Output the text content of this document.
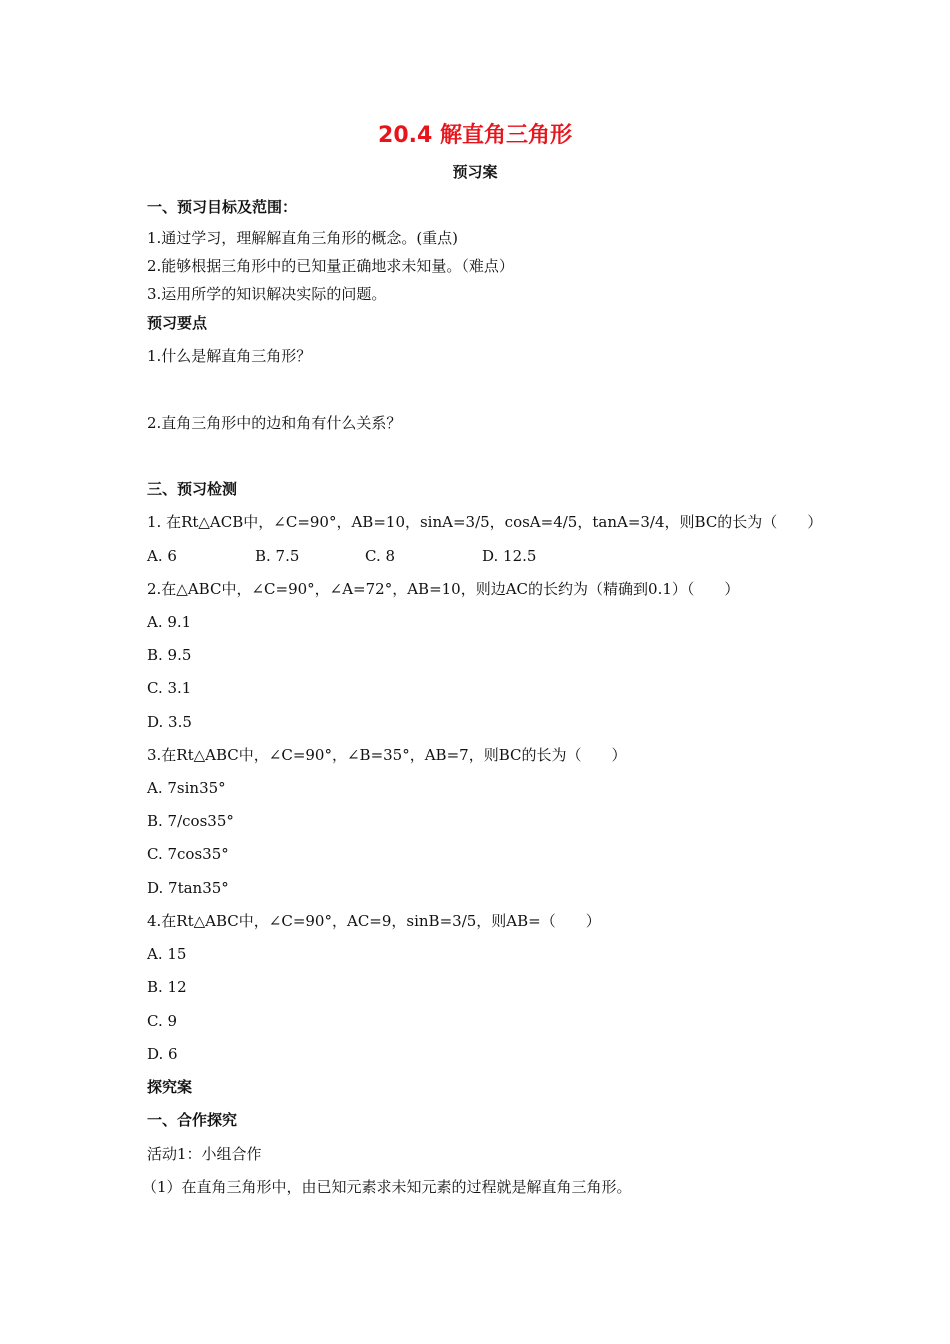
20.4 解直角三角形
预习案
一、预习目标及范围：
1.通过学习，理解解直角三角形的概念。(重点)
2.能够根据三角形中的已知量正确地求未知量。（难点）
3.运用所学的知识解决实际的问题。
预习要点
1.什么是解直角三角形？
2.直角三角形中的边和角有什么关系？
三、预习检测
1. 在Rt△ACB中，∠C=90°，AB=10，sinA=3/5，cosA=4/5，tanA=3/4，则BC的长为（　　）
A. 6	B. 7.5	C. 8	D. 12.5
2.在△ABC中，∠C=90°，∠A=72°，AB=10，则边AC的长约为（精确到0.1）（　　）
A. 9.1
B. 9.5
C. 3.1
D. 3.5
3.在Rt△ABC中，∠C=90°，∠B=35°，AB=7，则BC的长为（　　）
A. 7sin35°
B. 7/cos35°
C. 7cos35°
D. 7tan35°
4.在Rt△ABC中，∠C=90°，AC=9，sinB=3/5，则AB=（　　）
A. 15
B. 12
C. 9
D. 6
探究案
一、合作探究
活动1：小组合作
（1）在直角三角形中，由已知元素求未知元素的过程就是解直角三角形。
